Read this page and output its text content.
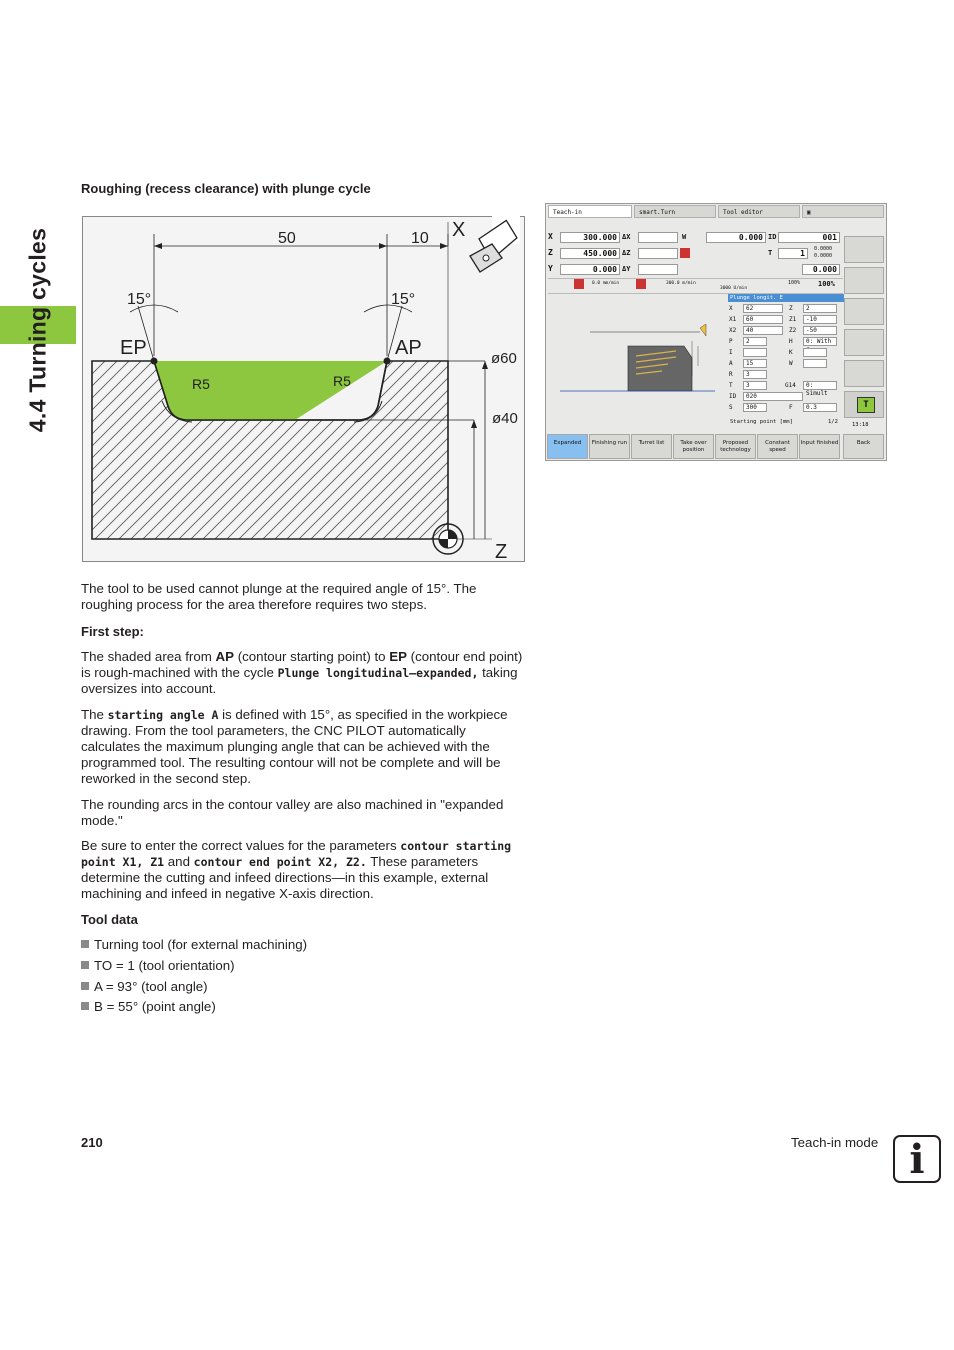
4.4 Turning cycles
Roughing (recess clearance) with plunge cycle
50	10 X
Z
15°	15°
EP	AP
R5	R5
ø60
ø40
Teach-in	smart.Turn	Tool editor	▣
X	300.000 ΔX	W	0.000 ID	001
Z	450.000 ΔZ	T	1	0.0000
0.0000
Y	0.000 ΔY	0.000
0.0 mm/min	300.0 m/min
3000 U/min
100%	100%
Plunge longit. E
X	62	Z	2
X1	60	Z1	-10
X2	40	Z2	-50
P	2	H	0: With
I	K
A	15	W
R	3
T	3	G14	0: Simult
ID	020
S	300	F	0.3
Starting point [mm]	1/2	13:18
T
Expanded	Finishing run	Turret list	Take over position
Proposed technology
Constant speed
Input finished	Back
The tool to be used cannot plunge at the required angle of 15°. The roughing process for the area therefore requires two steps.
First step:
The shaded area from AP (contour starting point) to EP (contour end point) is rough-machined with the cycle Plunge longitudinal–expanded, taking oversizes into account.
The starting angle A is defined with 15°, as specified in the workpiece drawing. From the tool parameters, the CNC PILOT automatically calculates the maximum plunging angle that can be achieved with the programmed tool. The resulting contour will not be complete and will be reworked in the second step.
The rounding arcs in the contour valley are also machined in "expanded mode."
Be sure to enter the correct values for the parameters contour starting point X1, Z1 and contour end point X2, Z2. These parameters determine the cutting and infeed directions—in this example, external machining and infeed in negative X-axis direction.
Tool data
Turning tool (for external machining)
TO = 1 (tool orientation)
A = 93° (tool angle)
B = 55° (point angle)
210	Teach-in mode i
